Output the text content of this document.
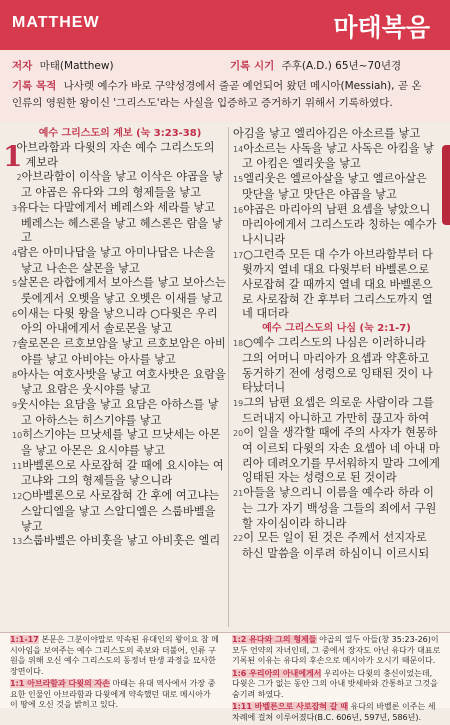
MATTHEW	마태복음
저자 마태(Matthew)	기록 시기 주후(A.D.) 65년~70년경
기록 목적 나사렛 예수가 바로 구약성경에서 줄곧 예언되어 왔던 메시아(Messiah), 곧 온 인류의 영원한 왕이신 '그리스도'라는 사실을 입증하고 증거하기 위해서 기록하였다.
예수 그리스도의 계보 (눅 3:23-38)

1
아브라함과 다윗의 자손 예수 그리스도의 계보라

2아브라함이 이삭을 낳고 이삭은 야곱을 낳고 야곱은 유다와 그의 형제들을 낳고

3유다는 다말에게서 베레스와 세라를 낳고 베레스는 헤스론을 낳고 헤스론은 람을 낳고

4람은 아미나답을 낳고 아미나답은 나손을 낳고 나손은 살몬을 낳고

5살몬은 라합에게서 보아스를 낳고 보아스는 룻에게서 오벳을 낳고 오벳은 이새를 낳고

6이새는 다윗 왕을 낳으니라 ○다윗은 우리아의 아내에게서 솔로몬을 낳고

7솔로몬은 르호보암을 낳고 르호보암은 아비야를 낳고 아비야는 아사를 낳고

8아사는 여호사밧을 낳고 여호사밧은 요람을 낳고 요람은 웃시야를 낳고

9웃시야는 요담을 낳고 요담은 아하스를 낳고 아하스는 히스기야를 낳고

10히스기야는 므낫세를 낳고 므낫세는 아몬을 낳고 아몬은 요시야를 낳고

11바벨론으로 사로잡혀 갈 때에 요시야는 여고냐와 그의 형제들을 낳으니라

12○바벨론으로 사로잡혀 간 후에 여고냐는 스알디엘을 낳고 스알디엘은 스룹바벨을 낳고

13스룹바벨은 아비훗을 낳고 아비훗은 엘리

아김을 낳고 엘리아김은 아소르를 낳고

14아소르는 사독을 낳고 사독은 아킴을 낳고 아킴은 엘리웃을 낳고

15엘리웃은 엘르아살을 낳고 엘르아살은 맛단을 낳고 맛단은 야곱을 낳고

16야곱은 마리아의 남편 요셉을 낳았으니 마리아에게서 그리스도라 칭하는 예수가 나시니라

17○그런즉 모든 대 수가 아브라함부터 다윗까지 열네 대요 다윗부터 바벨론으로 사로잡혀 갈 때까지 열네 대요 바벨론으로 사로잡혀 간 후부터 그리스도까지 열네 대더라

예수 그리스도의 나심 (눅 2:1-7)

18○예수 그리스도의 나심은 이러하니라 그의 어머니 마리아가 요셉과 약혼하고 동거하기 전에 성령으로 잉태된 것이 나타났더니

19그의 남편 요셉은 의로운 사람이라 그를 드러내지 아니하고 가만히 끊고자 하여

20이 일을 생각할 때에 주의 사자가 현몽하여 이르되 다윗의 자손 요셉아 네 아내 마리아 데려오기를 무서워하지 말라 그에게 잉태된 자는 성령으로 된 것이라

21아들을 낳으리니 이름을 예수라 하라 이는 그가 자기 백성을 그들의 죄에서 구원할 자이심이라 하니라

22이 모든 일이 된 것은 주께서 선지자로 하신 말씀을 이루려 하심이니 이르시되

1:1-17 본문은 그분이야말로 약속된 유대인의 왕이요 참 메시아임을 보여주는 예수 그리스도의 족보와 더불어, 인류 구원을 위해 오신 예수 그리스도의 동정녀 탄생 과정을 묘사한 장면이다.
1:1 아브라함과 다윗의 자손 마태는 유대 역사에서 가장 중요한 인물인 아브라함과 다윗에게 약속했던 대로 메시아가 이 땅에 오신 것을 밝히고 있다.
1:2 유다와 그의 형제들 야곱의 열두 아들(창 35:23-26)이 모두 언약의 자녀인데, 그 중에서 장자도 아닌 유다가 대표로 기록된 이유는 유다의 후손으로 메시아가 오시기 때문이다.
1:6 우리아의 아내에게서 우리아는 다윗의 충신이었는데, 다윗은 그가 없는 동안 그의 아내 밧세바와 간통하고 그것을 숨기려 하였다.
1:11 바벨론으로 사로잡혀 갈 때 유다의 바벨론 이주는 세 차례에 걸쳐 이루어졌다(B.C. 606년, 597년, 586년).
